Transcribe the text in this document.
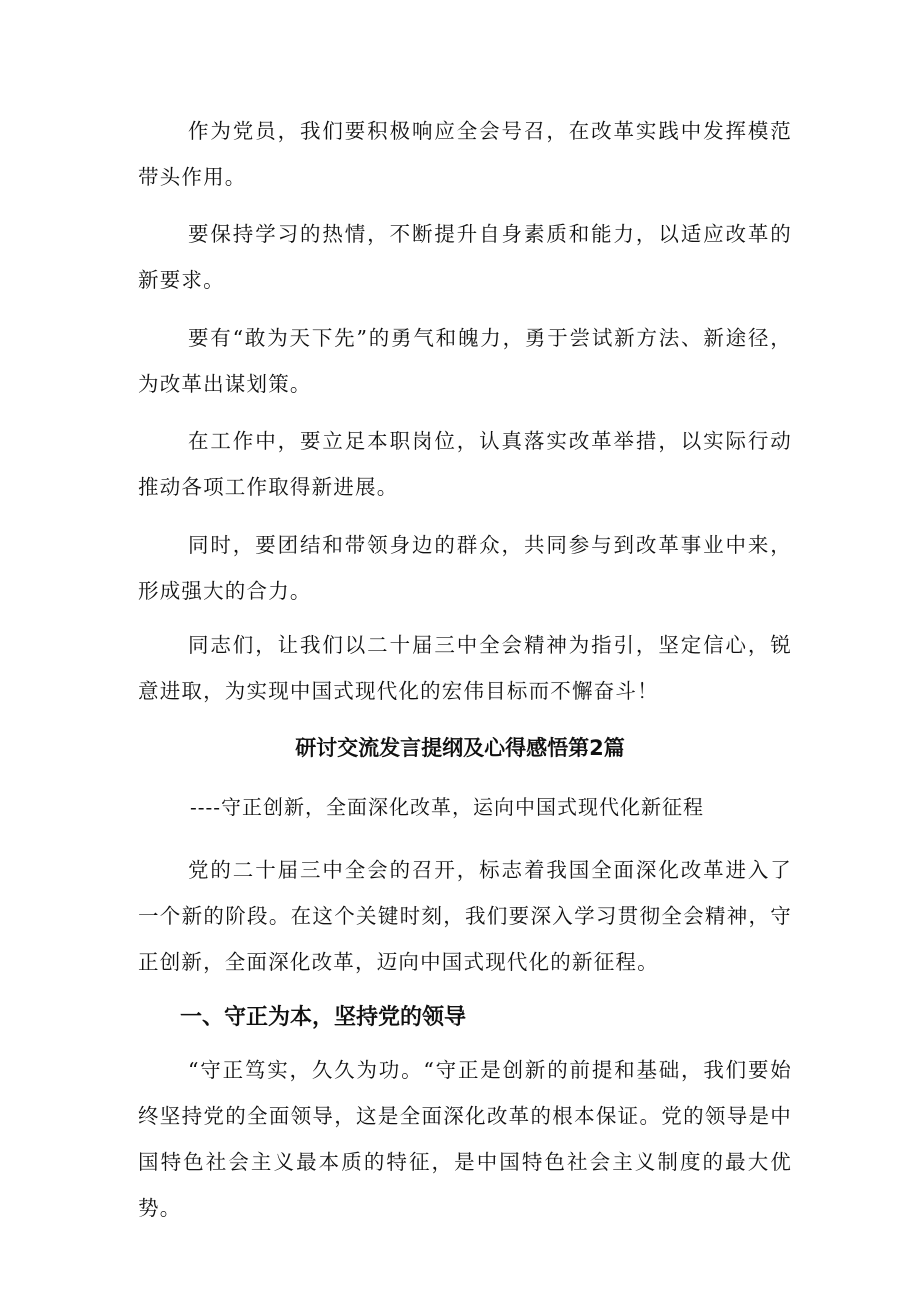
作为党员，我们要积极响应全会号召，在改革实践中发挥模范带头作用。

要保持学习的热情，不断提升自身素质和能力，以适应改革的新要求。

要有“敢为天下先”的勇气和魄力，勇于尝试新方法、新途径，为改革出谋划策。

在工作中，要立足本职岗位，认真落实改革举措，以实际行动推动各项工作取得新进展。

同时，要团结和带领身边的群众，共同参与到改革事业中来，形成强大的合力。

同志们，让我们以二十届三中全会精神为指引，坚定信心，锐意进取，为实现中国式现代化的宏伟目标而不懈奋斗！

研讨交流发言提纲及心得感悟第2篇

----守正创新，全面深化改革，运向中国式现代化新征程

党的二十届三中全会的召开，标志着我国全面深化改革进入了一个新的阶段。在这个关键时刻，我们要深入学习贯彻全会精神，守正创新，全面深化改革，迈向中国式现代化的新征程。

一、守正为本，坚持党的领导

“守正笃实，久久为功。“守正是创新的前提和基础，我们要始终坚持党的全面领导，这是全面深化改革的根本保证。党的领导是中国特色社会主义最本质的特征，是中国特色社会主义制度的最大优势。
